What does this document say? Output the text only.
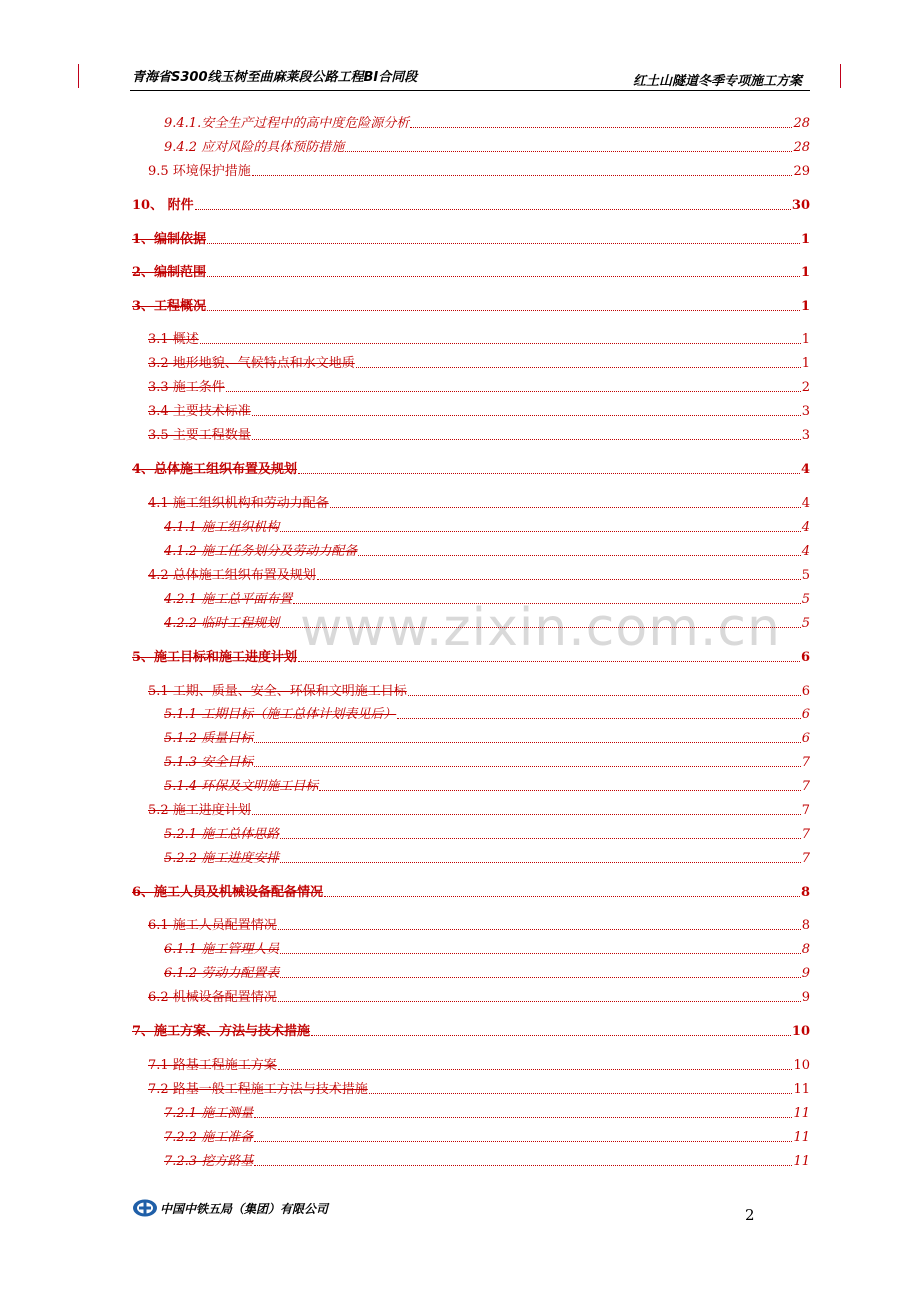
青海省S300线玉树至曲麻莱段公路工程BI合同段	红土山隧道冬季专项施工方案
www.zixin.com.cn
9.4.1.安全生产过程中的高中度危险源分析	28
9.4.2 应对风险的具体预防措施	28
9.5 环境保护措施	29
10、 附件	30
1、编制依据	1
2、编制范围	1
3、工程概况	1
3.1 概述	1
3.2 地形地貌、气候特点和水文地质	1
3.3 施工条件	2
3.4 主要技术标准	3
3.5 主要工程数量	3
4、总体施工组织布置及规划	4
4.1 施工组织机构和劳动力配备	4
4.1.1 施工组织机构	4
4.1.2 施工任务划分及劳动力配备	4
4.2 总体施工组织布置及规划	5
4.2.1 施工总平面布置	5
4.2.2 临时工程规划	5
5、施工目标和施工进度计划	6
5.1 工期、质量、安全、环保和文明施工目标	6
5.1.1 工期目标（施工总体计划表见后）	6
5.1.2 质量目标	6
5.1.3 安全目标	7
5.1.4 环保及文明施工目标	7
5.2 施工进度计划	7
5.2.1 施工总体思路	7
5.2.2 施工进度安排	7
6、施工人员及机械设备配备情况	8
6.1 施工人员配置情况	8
6.1.1 施工管理人员	8
6.1.2 劳动力配置表	9
6.2 机械设备配置情况	9
7、施工方案、方法与技术措施	10
7.1 路基工程施工方案	10
7.2 路基一般工程施工方法与技术措施	11
7.2.1 施工测量	11
7.2.2 施工准备	11
7.2.3 挖方路基	11
中国中铁五局（集团）有限公司	2
